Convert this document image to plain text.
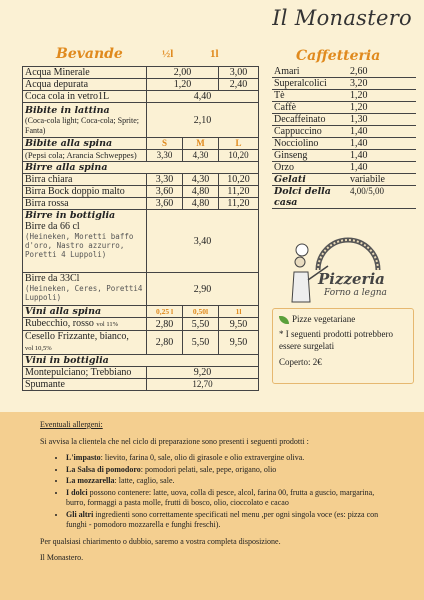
Il Monastero
Bevande	½l	1l
Acqua Minerale	2,00		3,00
Acqua depurata	1,20		2,40
Coca cola in vetro1L	4,40		

Bibite in lattina
(Coca-cola light; Coca-cola; Sprite; Fanta)	2,10		
Bibite alla spina	S	M	L
(Pepsi cola; Arancia Schweppes)	3,30	4,30	10,20
Birre alla spina			
Birra chiara	3,30	4,30	10,20
Birra Bock doppio malto	3,60	4,80	11,20
Birra rossa	3,60	4,80	11,20

Birre in bottiglia
Birre da 66 cl
(Heineken, Moretti baffo d'oro, Nastro azzurro, Poretti 4 Luppoli)	3,40		

Birre da 33Cl
(Heineken, Ceres, Poretti4 Luppoli)	2,90		
Vini alla spina	0,25 l	0,50l	1l
Rubecchio, rosso vol 11%	2,80	5,50	9,50
Cesello Frizzante, bianco,
vol 10,5%	2,80	5,50	9,50
Vini in bottiglia			
Montepulciano; Trebbiano	9,20		
Spumante	12,70		
Caffetteria
Amari	2,60
Superalcolici	3,20
Tè	1,20
Caffè	1,20
Decaffeinato	1,30
Cappuccino	1,40
Nocciolino	1,40
Ginseng	1,40
Orzo	1,40
Gelati	variabile
Dolci della casa	4,00/5,00
Pizzeria
Forno a legna
Pizze vegetariane
* I seguenti prodotti potrebbero essere surgelati
Coperto: 2€

Eventuali allergeni:

Si avvisa la clientela che nel ciclo di preparazione sono presenti i seguenti prodotti :

• L'impasto: lievito, farina 0, sale, olio di girasole e olio extravergine oliva.
• La Salsa di pomodoro: pomodori pelati, sale, pepe, origano, olio
• La mozzarella: latte, caglio, sale.
• I dolci possono contenere: latte, uova, colla di pesce, alcol, farina 00, frutta a guscio, margarina, burro, formaggi a pasta molle, frutti di bosco, olio, cioccolato e cacao
• Gli altri ingredienti sono correttamente specificati nel menu ,per ogni singola voce (es: pizza con funghi - pomodoro mozzarella e funghi freschi).

Per qualsiasi chiarimento o dubbio, saremo a vostra completa disposizione.

Il Monastero.
